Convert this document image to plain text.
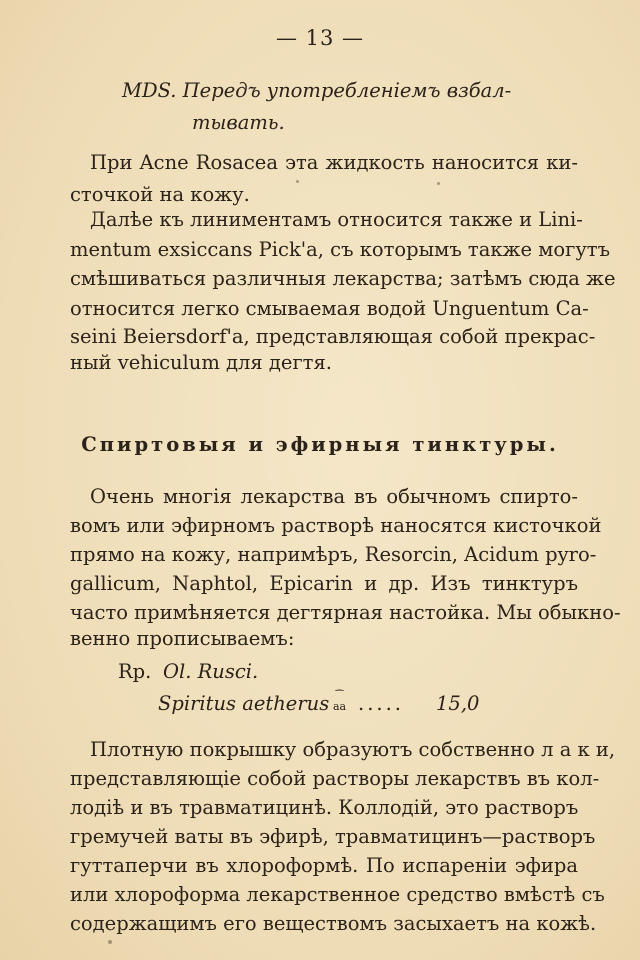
— 13 —
MDS. Передъ употребленіемъ взбал-
тывать.
При Acne Rosacea эта жидкость наносится ки-
сточкой на кожу.
Далѣе къ линиментамъ относится также и Lini-
mentum exsiccans Pick'a, съ которымъ также могутъ
смѣшиваться различныя лекарства; затѣмъ сюда же
относится легко смываемая водой Unguentum Ca-
seini Beiersdorf'a, представляющая собой прекрас-
ный vehiculum для дегтя.
Спиртовыя и эфирныя тинктуры.
Очень многія лекарства въ обычномъ спирто-
вомъ или эфирномъ растворѣ наносятся кисточкой
прямо на кожу, напримѣръ, Resorcin, Acidum pyro-
gallicum, Naphtol, Epicarin и др. Изъ тинктуръ
часто примѣняется дегтярная настойка. Мы обыкно-
венно прописываемъ:
Rp. Ol. Rusci.
Spiritus aetherus ⁀
aa ..... 15,0
Плотную покрышку образуютъ собственно л а к и,
представляющіе собой растворы лекарствъ въ кол-
лодіѣ и въ травматицинѣ. Коллодій, это растворъ
гремучей ваты въ эфирѣ, травматицинъ—растворъ
гуттаперчи въ хлороформѣ. По испареніи эфира
или хлороформа лекарственное средство вмѣстѣ съ
содержащимъ его веществомъ засыхаетъ на кожѣ.
